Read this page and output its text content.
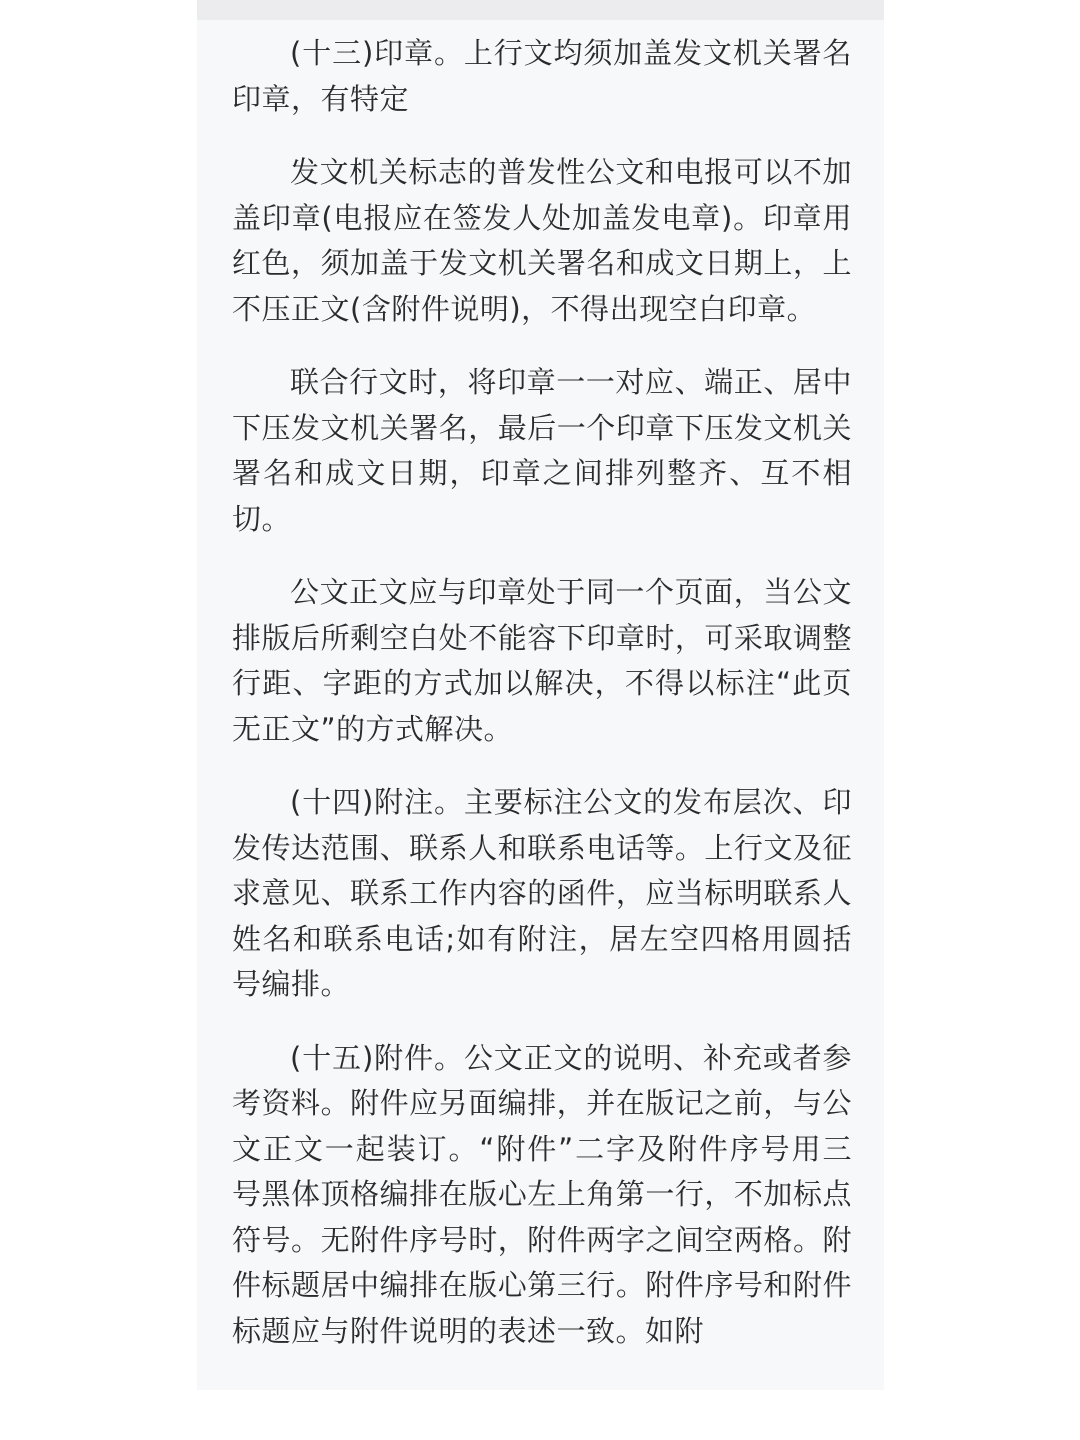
(十三)印章。上行文均须加盖发文机关署名印章，有特定

发文机关标志的普发性公文和电报可以不加盖印章(电报应在签发人处加盖发电章)。印章用红色，须加盖于发文机关署名和成文日期上，上不压正文(含附件说明)，不得出现空白印章。

联合行文时，将印章一一对应、端正、居中下压发文机关署名，最后一个印章下压发文机关署名和成文日期，印章之间排列整齐、互不相切。

公文正文应与印章处于同一个页面，当公文排版后所剩空白处不能容下印章时，可采取调整行距、字距的方式加以解决，不得以标注“此页无正文”的方式解决。

(十四)附注。主要标注公文的发布层次、印发传达范围、联系人和联系电话等。上行文及征求意见、联系工作内容的函件，应当标明联系人姓名和联系电话;如有附注，居左空四格用圆括号编排。

(十五)附件。公文正文的说明、补充或者参考资料。附件应另面编排，并在版记之前，与公文正文一起装订。“附件”二字及附件序号用三号黑体顶格编排在版心左上角第一行，不加标点符号。无附件序号时，附件两字之间空两格。附件标题居中编排在版心第三行。附件序号和附件标题应与附件说明的表述一致。如附
